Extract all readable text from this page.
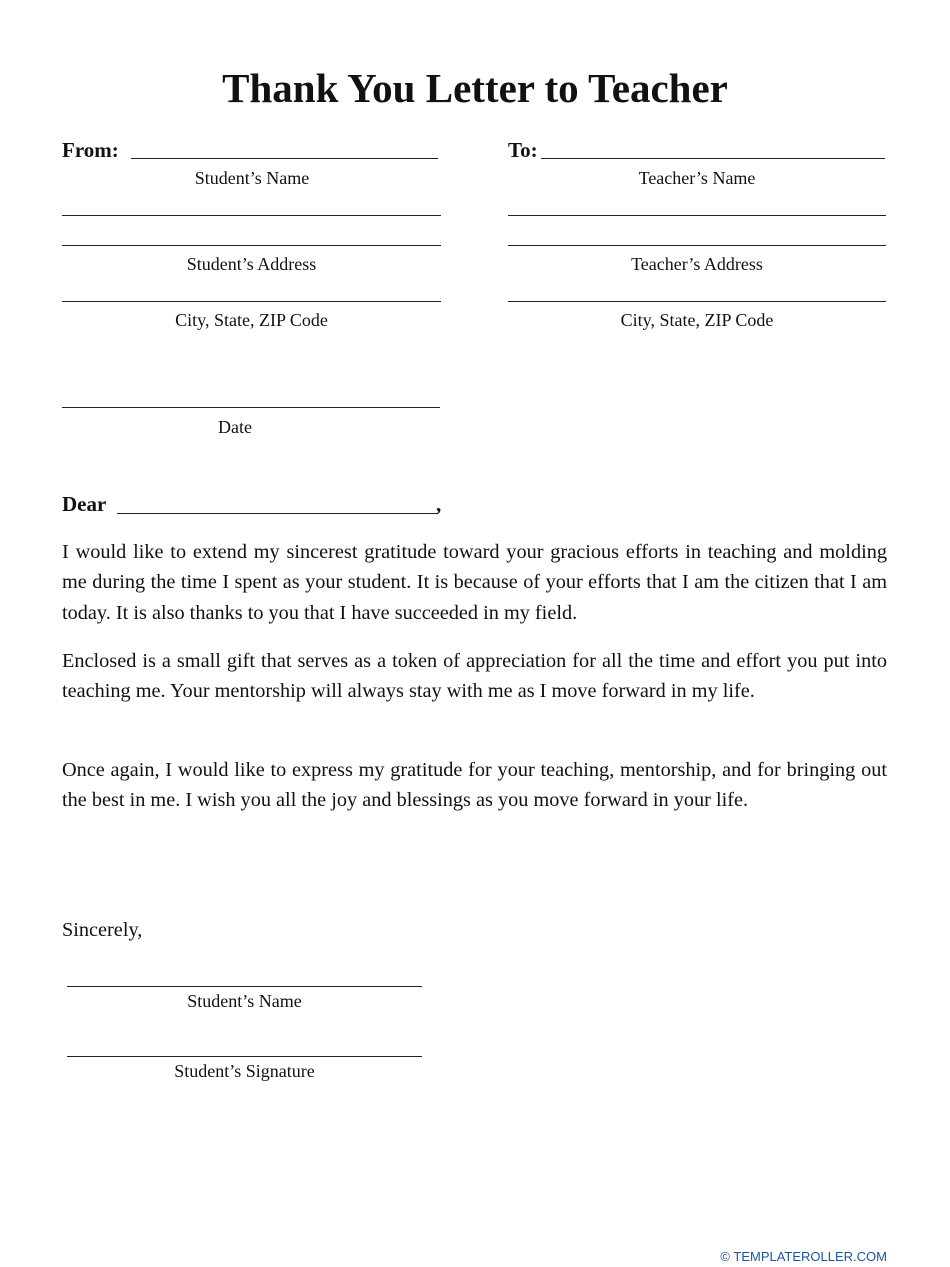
Thank You Letter to Teacher
From:
Student’s Name
Student’s Address
City, State, ZIP Code
Date
To:
Teacher’s Name
Teacher’s Address
City, State, ZIP Code
Dear	,

I would like to extend my sincerest gratitude toward your gracious efforts in teaching and molding me during the time I spent as your student. It is because of your efforts that I am the citizen that I am today. It is also thanks to you that I have succeeded in my field.

Enclosed is a small gift that serves as a token of appreciation for all the time and effort you put into teaching me. Your mentorship will always stay with me as I move forward in my life.

Once again, I would like to express my gratitude for your teaching, mentorship, and for bringing out the best in me. I wish you all the joy and blessings as you move forward in your life.

Sincerely,
Student’s Name
Student’s Signature
© TEMPLATEROLLER.COM
